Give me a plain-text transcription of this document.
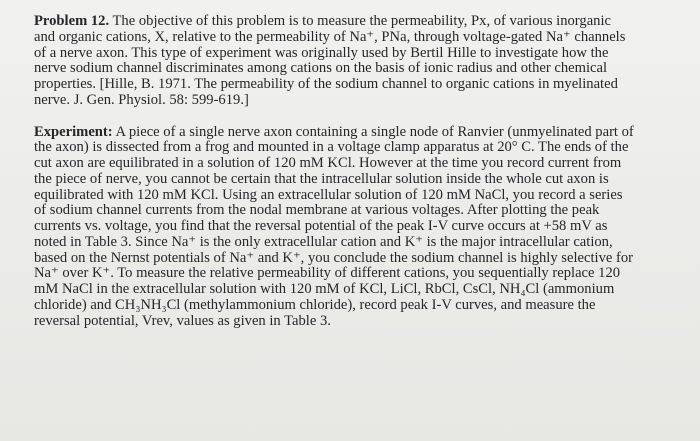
Problem 12. The objective of this problem is to measure the permeability, Px, of various inorganic
and organic cations, X, relative to the permeability of Na⁺, PNa, through voltage-gated Na⁺ channels
of a nerve axon. This type of experiment was originally used by Bertil Hille to investigate how the
nerve sodium channel discriminates among cations on the basis of ionic radius and other chemical
properties. [Hille, B. 1971. The permeability of the sodium channel to organic cations in myelinated
nerve. J. Gen. Physiol. 58: 599-619.]

Experiment: A piece of a single nerve axon containing a single node of Ranvier (unmyelinated part of
the axon) is dissected from a frog and mounted in a voltage clamp apparatus at 20° C. The ends of the
cut axon are equilibrated in a solution of 120 mM KCl. However at the time you record current from
the piece of nerve, you cannot be certain that the intracellular solution inside the whole cut axon is
equilibrated with 120 mM KCl. Using an extracellular solution of 120 mM NaCl, you record a series
of sodium channel currents from the nodal membrane at various voltages. After plotting the peak
currents vs. voltage, you find that the reversal potential of the peak I-V curve occurs at +58 mV as
noted in Table 3. Since Na⁺ is the only extracellular cation and K⁺ is the major intracellular cation,
based on the Nernst potentials of Na⁺ and K⁺, you conclude the sodium channel is highly selective for
Na⁺ over K⁺. To measure the relative permeability of different cations, you sequentially replace 120
mM NaCl in the extracellular solution with 120 mM of KCl, LiCl, RbCl, CsCl, NH₄Cl (ammonium
chloride) and CH₃NH₃Cl (methylammonium chloride), record peak I-V curves, and measure the
reversal potential, Vrev, values as given in Table 3.
